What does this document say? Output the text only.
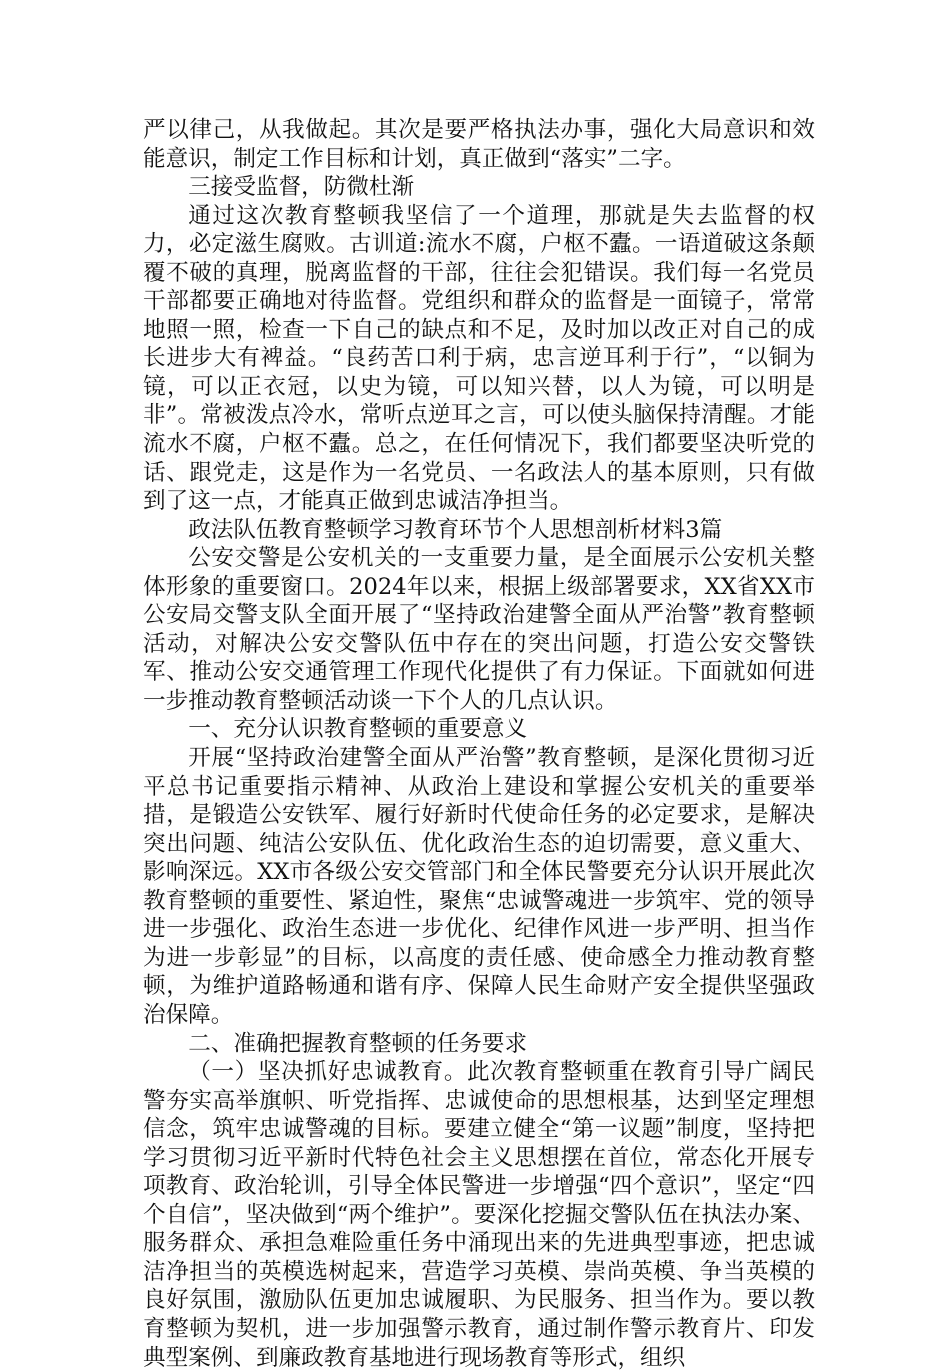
严以律己，从我做起。其次是要严格执法办事，强化大局意识和效能意识，制定工作目标和计划，真正做到“落实”二字。

三接受监督，防微杜渐

通过这次教育整顿我坚信了一个道理，那就是失去监督的权力，必定滋生腐败。古训道:流水不腐，户枢不蠹。一语道破这条颠覆不破的真理，脱离监督的干部，往往会犯错误。我们每一名党员干部都要正确地对待监督。党组织和群众的监督是一面镜子，常常地照一照，检查一下自己的缺点和不足，及时加以改正对自己的成长进步大有裨益。“良药苦口利于病，忠言逆耳利于行”，“以铜为镜，可以正衣冠，以史为镜，可以知兴替，以人为镜，可以明是非”。常被泼点冷水，常听点逆耳之言，可以使头脑保持清醒。才能流水不腐，户枢不蠹。总之，在任何情况下，我们都要坚决听党的话、跟党走，这是作为一名党员、一名政法人的基本原则，只有做到了这一点，才能真正做到忠诚洁净担当。

政法队伍教育整顿学习教育环节个人思想剖析材料3篇

公安交警是公安机关的一支重要力量，是全面展示公安机关整体形象的重要窗口。2024年以来，根据上级部署要求，XX省XX市公安局交警支队全面开展了“坚持政治建警全面从严治警”教育整顿活动，对解决公安交警队伍中存在的突出问题，打造公安交警铁军、推动公安交通管理工作现代化提供了有力保证。下面就如何进一步推动教育整顿活动谈一下个人的几点认识。

一、充分认识教育整顿的重要意义

开展“坚持政治建警全面从严治警”教育整顿，是深化贯彻习近平总书记重要指示精神、从政治上建设和掌握公安机关的重要举措，是锻造公安铁军、履行好新时代使命任务的必定要求，是解决突出问题、纯洁公安队伍、优化政治生态的迫切需要，意义重大、影响深远。XX市各级公安交管部门和全体民警要充分认识开展此次教育整顿的重要性、紧迫性，聚焦“忠诚警魂进一步筑牢、党的领导进一步强化、政治生态进一步优化、纪律作风进一步严明、担当作为进一步彰显”的目标，以高度的责任感、使命感全力推动教育整顿，为维护道路畅通和谐有序、保障人民生命财产安全提供坚强政治保障。

二、准确把握教育整顿的任务要求

（一）坚决抓好忠诚教育。此次教育整顿重在教育引导广阔民警夯实高举旗帜、听党指挥、忠诚使命的思想根基，达到坚定理想信念，筑牢忠诚警魂的目标。要建立健全“第一议题”制度，坚持把学习贯彻习近平新时代特色社会主义思想摆在首位，常态化开展专项教育、政治轮训，引导全体民警进一步增强“四个意识”，坚定“四个自信”，坚决做到“两个维护”。要深化挖掘交警队伍在执法办案、服务群众、承担急难险重任务中涌现出来的先进典型事迹，把忠诚洁净担当的英模选树起来，营造学习英模、崇尚英模、争当英模的良好氛围，激励队伍更加忠诚履职、为民服务、担当作为。要以教育整顿为契机，进一步加强警示教育，通过制作警示教育片、印发典型案例、到廉政教育基地进行现场教育等形式，组织
